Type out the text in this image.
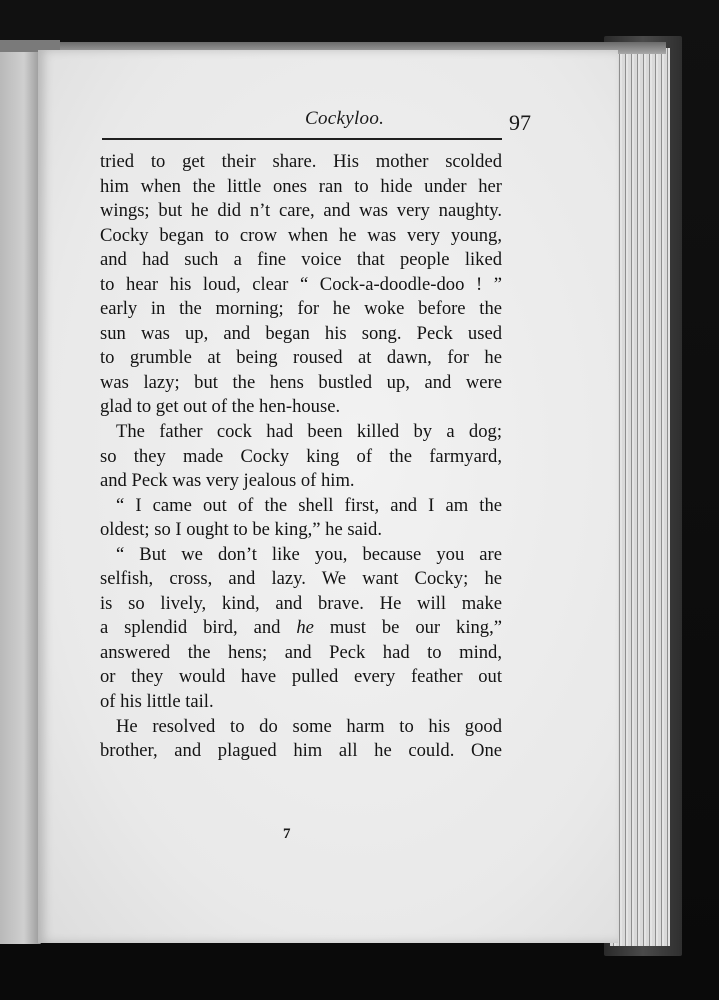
Cockyloo.	97
tried to get their share. His mother scolded
him when the little ones ran to hide under her
wings; but he did n’t care, and was very naughty.
Cocky began to crow when he was very young,
and had such a fine voice that people liked
to hear his loud, clear “ Cock-a-doodle-doo ! ”
early in the morning; for he woke before the
sun was up, and began his song. Peck used
to grumble at being roused at dawn, for he
was lazy; but the hens bustled up, and were
glad to get out of the hen-house.
The father cock had been killed by a dog;
so they made Cocky king of the farmyard,
and Peck was very jealous of him.
“ I came out of the shell first, and I am the
oldest; so I ought to be king,” he said.
“ But we don’t like you, because you are
selfish, cross, and lazy. We want Cocky; he
is so lively, kind, and brave. He will make
a splendid bird, and he must be our king,”
answered the hens; and Peck had to mind,
or they would have pulled every feather out
of his little tail.
He resolved to do some harm to his good
brother, and plagued him all he could. One
7
